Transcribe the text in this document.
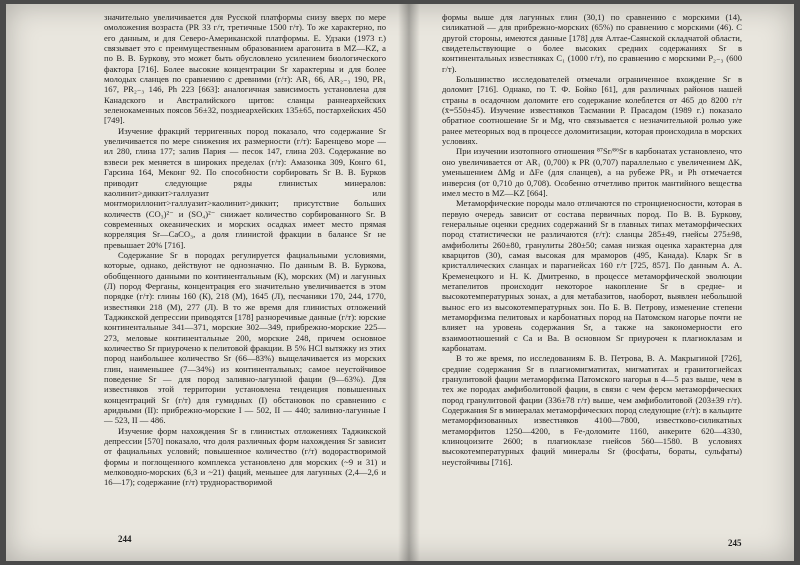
значительно увеличивается для Русской платформы снизу вверх по мере омоложения возраста (PR 33 г/т, третичные 1500 г/т). То же характерно, по его данным, и для Северо-Американской платформы. Е. Удзаки (1973 г.) связывает это с преимущественным образованием арагонита в MZ—KZ, а по В. В. Буркову, это может быть обусловлено усилением биологического фактора [716]. Более высокие концентрации Sr характерны и для более молодых сланцев по сравнению с древними (г/т): AR₁ 66, AR₂₋₃ 190, PR₁ 167, PR₂₋₃ 146, Ph 223 [663]: аналогичная зависимость установлена для Канадского и Австралийского щитов: сланцы раннеархейских зеленокаменных поясов 56±32, позднеархейских 135±65, постархейских 450 [749].

Изучение фракций терригенных пород показало, что содержание Sr увеличивается по мере снижения их размерности (г/т): Баренцево море — ил 280, глина 177; залив Пария — песок 147, глина 203. Содержание во взвеси рек меняется в широких пределах (г/т): Амазонка 309, Конго 61, Гарсина 164, Меконг 92. По способности сорбировать Sr В. В. Бурков приводит следующие ряды глинистых минералов: каолинит>диккит>галлуазит или монтмориллонит>галлуазит>каолинит>диккит; присутствие больших количеств (CO₃)²⁻ и (SO₄)²⁻ снижает количество сорбированного Sr. В современных океанических и морских осадках имеет место прямая корреляция Sr—CaCO₃, а доля глинистой фракции в балансе Sr не превышает 20% [716].

Содержание Sr в породах регулируется фациальными условиями, которые, однако, действуют не однозначно. По данным В. В. Буркова, обобщенного данными по континентальным (К), морских (М) и лагунных (Л) пород Ферганы, концентрация его значительно увеличивается в этом порядке (г/т): глины 160 (К), 218 (М), 1645 (Л), песчаники 170, 244, 1770, известняки 218 (М), 277 (Л). В то же время для глинистых отложений Таджикской депрессии приводятся [178] разноречивые данные (г/т): юрские континентальные 341—371, морские 302—349, прибрежно-морские 225—273, меловые континентальные 200, морские 248, причем основное количество Sr приурочено к пелитовой фракции. В 5% HCl вытяжку из этих пород наибольшее количество Sr (66—83%) выщелачивается из морских глин, наименьшее (7—34%) из континентальных; самое неустойчивое поведение Sr — для пород заливно-лагунной фации (9—63%). Для известняков этой территории установлена тенденция повышенных концентраций Sr (г/т) для гумидных (I) обстановок по сравнению с аридными (II): прибрежно-морские I — 502, II — 440; заливно-лагунные I — 523, II — 486.

Изучение форм нахождения Sr в глинистых отложениях Таджикской депрессии [570] показало, что доля различных форм нахождения Sr зависит от фациальных условий; повышенное количество (г/т) водорастворимой формы и поглощенного комплекса установлено для морских (~9 и 31) и мелководно-морских (6,3 и ~21) фаций, меньшее для лагунных (2,4—2,6 и 16—17); содержание (г/т) труднорастворимой

244

формы выше для лагунных глин (30,1) по сравнению с морскими (14), силикатной — для прибрежно-морских (65%) по сравнению с морскими (46). С другой стороны, имеются данные [178] для Алтае-Саянской складчатой области, свидетельствующие о более высоких средних содержаниях Sr в континентальных известняках C₁ (1000 г/т), по сравнению с морскими P₂₋₃ (600 г/т).

Большинство исследователей отмечали ограниченное вхождение Sr в доломит [716]. Однако, по Т. Ф. Бойко [61], для различных районов нашей страны в осадочном доломите его содержание колеблется от 465 до 8200 г/т (x̄=550±45). Изучение известняков Тасмании Р. Прасадом (1989 г.) показало обратное соотношение Sr и Mg, что связывается с незначительной ролью уже ранее метеорных вод в процессе доломитизации, которая происходила в морских условиях.

При изучении изотопного отношения ⁸⁷Sr/⁸⁶Sr в карбонатах установлено, что оно увеличивается от AR₁ (0,700) к PR (0,707) параллельно с увеличением ΔK, уменьшением ΔMg и ΔFe (для сланцев), а на рубеже PR₃ и Ph отмечается инверсия (от 0,710 до 0,708). Особенно отчетливо приток мантийного вещества имел место в MZ—KZ [664].

Метаморфические породы мало отличаются по стронциеносности, которая в первую очередь зависит от состава первичных пород. По В. В. Буркову, генеральные оценки средних содержаний Sr в главных типах метаморфических пород статистически не различаются (г/т): сланцы 285±49, гнейсы 275±98, амфиболиты 260±80, гранулиты 280±50; самая низкая оценка характерна для кварцитов (30), самая высокая для мраморов (495, Канада). Кларк Sr в кристаллических сланцах и парагнейсах 160 г/т [725, 857]. По данным А. А. Кременецкого и Н. К. Дмитренко, в процессе метаморфической эволюции метапелитов происходит некоторое накопление Sr в средне- и высокотемпературных зонах, а для метабазитов, наоборот, выявлен небольшой вынос его из высокотемпературных зон. По Б. В. Петрову, изменение степени метаморфизма пелитовых и карбонатных пород на Патомском нагорье почти не влияет на уровень содержания Sr, а также на закономерности его взаимоотношений с Ca и Ba. В основном Sr приурочен к плагиоклазам и карбонатам.

В то же время, по исследованиям Б. В. Петрова, В. А. Макрыгиной [726], средние содержания Sr в плагиомигматитах, мигматитах и гранитогнейсах гранулитовой фации метаморфизма Патомского нагорья в 4—5 раз выше, чем в тех же породах амфиболитовой фации, в связи с чем ферсм метаморфических пород гранулитовой фации (336±78 г/т) выше, чем амфиболитовой (203±39 г/т). Содержания Sr в минералах метаморфических пород следующие (г/т): в кальците метаморфизованных известняков 4100—7800, известково-силикатных метаморфитов 1250—4200, в Fe-доломите 1160, анкерите 620—4330, клиноцоизите 2600; в плагиоклазе гнейсов 560—1580. В условиях высокотемпературных фаций минералы Sr (фосфаты, бораты, сульфаты) неустойчивы [716].

245
